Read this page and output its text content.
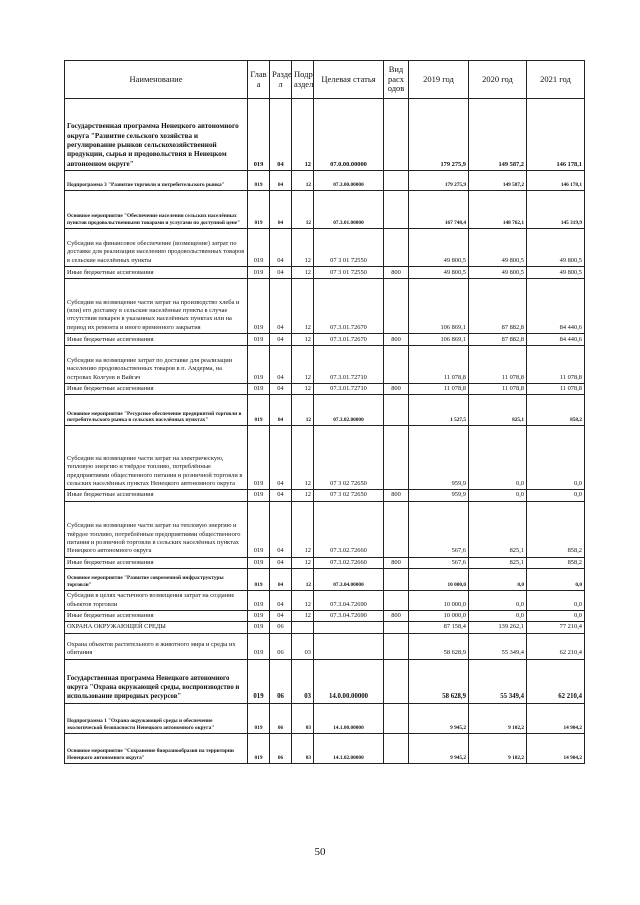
Наименование	Глав а	Разде л	Подр аздел	Целевая статья	Вид расх одов	2019 год	2020 год	2021 год
Государственная программа Ненецкого автономного округа "Развитие сельского хозяйства и регулирование рынков сельскохозяйственной продукции, сырья и продовольствия в Ненецком автономном округе"	019	04	12	07.0.00.00000		179 275,9	149 587,2	146 178,1
Подпрограмма 3 "Развитие торговли и потребительского рынка"	019	04	12	07.3.00.00000		179 275,9	149 587,2	146 178,1
Основное мероприятие "Обеспечение населения сельских населённых пунктов продовольственными товарами и услугами по доступной цене"	019	04	12	07.3.01.00000		167 748,4	148 762,1	145 319,9
Субсидии на финансовое обеспечение (возмещение) затрат по доставке для реализации населению продовольственных товаров в сельские населённых пункты	019	04	12	07 3 01 72550		49 800,5	49 800,5	49 800,5
Иные бюджетные ассигнования	019	04	12	07 3 01 72550	800	49 800,5	49 800,5	49 800,5
Субсидии на возмещение части затрат на производство хлеба и (или) его доставку в сельские населённые пункты в случае отсутствия пекарен в указанных населённых пунктах или на период их ремонта и иного временного закрытия	019	04	12	07.3.01.72670		106 869,1	87 882,8	84 440,6
Иные бюджетные ассигнования	019	04	12	07.3.01.72670	800	106 869,1	87 882,8	84 440,6
Субсидии на возмещение затрат по доставке для реализации населению продовольственных товаров в п. Амдерма, на островах Колгуев и Вайгач	019	04	12	07.3.01.72710		11 078,8	11 078,8	11 078,8
Иные бюджетные ассигнования	019	04	12	07.3.01.72710	800	11 078,8	11 078,8	11 078,8
Основное мероприятие "Ресурсное обеспечение предприятий торговли в потребительского рынка в сельских населённых пунктах"	019	04	12	07.3.02.00000		1 527,5	825,1	858,2
Субсидии на возмещение части затрат на электрическую, тепловую энергию и твёрдое топливо, потреблённые предприятиями общественного питания и розничной торговли в сельских населённых пунктах Ненецкого автономного округа	019	04	12	07 3 02 72650		959,9	0,0	0,0
Иные бюджетные ассигнования	019	04	12	07 3 02 72650	800	959,9	0,0	0,0
Субсидии на возмещение части затрат на тепловую энергию и твёрдое топливо, потреблённые предприятиями общественного питания и розничной торговли в сельских населённых пунктах Ненецкого автономного округа	019	04	12	07.3.02.72660		567,6	825,1	858,2
Иные бюджетные ассигнования	019	04	12	07.3.02.72660	800	567,6	825,1	858,2
Основное мероприятие "Развитие современной инфраструктуры торговли"	019	04	12	07.3.04.00000		10 000,0	0,0	0,0
Субсидии в целях частичного возмещения затрат на создание объектов торговли	019	04	12	07.3.04.72690		10 000,0	0,0	0,0
Иные бюджетные ассигнования	019	04	12	07.3.04.72690	800	10 000,0	0,0	0,0
ОХРАНА ОКРУЖАЮЩЕЙ СРЕДЫ	019	06				87 158,4	139 262,1	77 210,4
Охрана объектов растительного и животного мира и среды их обитания	019	06	03			58 628,9	55 349,4	62 210,4
Государственная программа Ненецкого автономного округа "Охрана окружающей среды, воспроизводство и использование природных ресурсов"	019	06	03	14.0.00.00000		58 628,9	55 349,4	62 210,4
Подпрограмма 1 "Охрана окружающей среды и обеспечение экологической безопасности Ненецкого автономного округа"	019	06	03	14.1.00.00000		9 945,2	9 102,2	14 904,2
Основное мероприятие "Сохранение биоразнообразия на территории Ненецкого автономного округа"	019	06	03	14.1.02.00000		9 945,2	9 102,2	14 904,2
50
